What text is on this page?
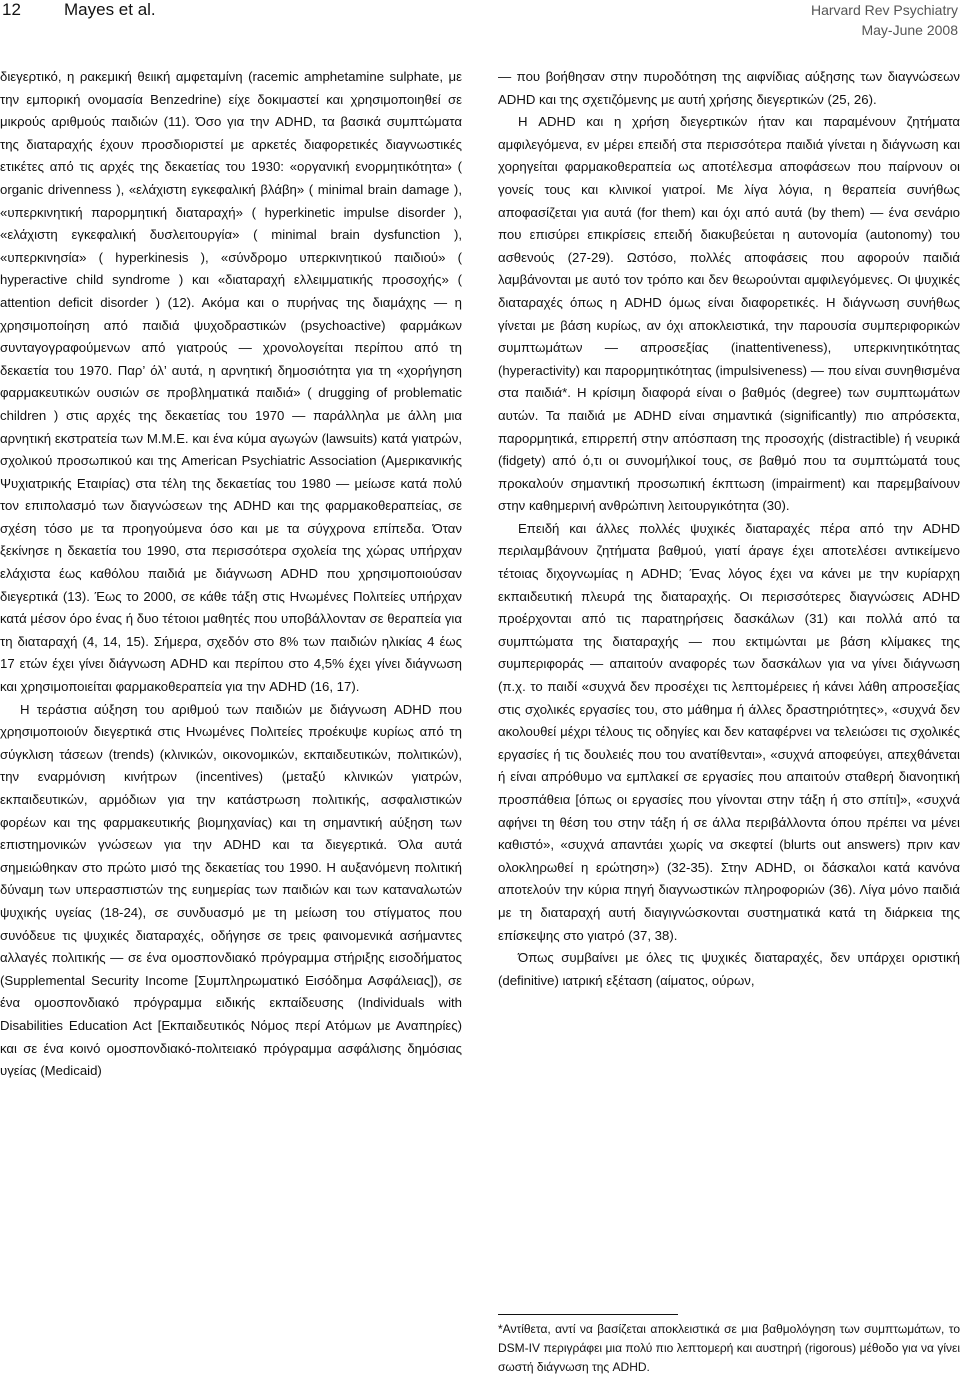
12	Mayes et al.	Harvard Rev Psychiatry
May-June 2008

διεγερτικό, η ρακεμική θειική αμφεταμίνη (racemic amphetamine sulphate, με την εμπορική ονομασία Benzedrine) είχε δοκιμαστεί και χρησιμοποιηθεί σε μικρούς αριθμούς παιδιών (11). Όσο για την ADHD, τα βασικά συμπτώματα της διαταραχής έχουν προσδιοριστεί με αρκετές διαφορετικές διαγνωστικές ετικέτες από τις αρχές της δεκαετίας του 1930: «οργανική ενορμητικότητα» ( organic drivenness ), «ελάχιστη εγκεφαλική βλάβη» ( minimal brain damage ), «υπερκινητική παρορμητική διαταραχή» ( hyperkinetic impulse disorder ), «ελάχιστη εγκεφαλική δυσλειτουργία» ( minimal brain dysfunction ), «υπερκινησία» ( hyperkinesis ), «σύνδρομο υπερκινητικού παιδιού» ( hyperactive child syndrome ) και «διαταραχή ελλειμματικής προσοχής» ( attention deficit disorder ) (12). Ακόμα και ο πυρήνας της διαμάχης — η χρησιμοποίηση από παιδιά ψυχοδραστικών (psychoactive) φαρμάκων συνταγογραφούμενων από γιατρούς — χρονολογείται περίπου από τη δεκαετία του 1970. Παρ’ όλ’ αυτά, η αρνητική δημοσιότητα για τη «χορήγηση φαρμακευτικών ουσιών σε προβληματικά παιδιά» ( drugging of problematic children ) στις αρχές της δεκαετίας του 1970 — παράλληλα με άλλη μια αρνητική εκστρατεία των Μ.Μ.Ε. και ένα κύμα αγωγών (lawsuits) κατά γιατρών, σχολικού προσωπικού και της American Psychiatric Association (Αμερικανικής Ψυχιατρικής Εταιρίας) στα τέλη της δεκαετίας του 1980 — μείωσε κατά πολύ τον επιπολασμό των διαγνώσεων της ADHD και της φαρμακοθεραπείας, σε σχέση τόσο με τα προηγούμενα όσο και με τα σύγχρονα επίπεδα. Όταν ξεκίνησε η δεκαετία του 1990, στα περισσότερα σχολεία της χώρας υπήρχαν ελάχιστα έως καθόλου παιδιά με διάγνωση ADHD που χρησιμοποιούσαν διεγερτικά (13). Έως το 2000, σε κάθε τάξη στις Ηνωμένες Πολιτείες υπήρχαν κατά μέσον όρο ένας ή δυο τέτοιοι μαθητές που υποβάλλονταν σε θεραπεία για τη διαταραχή (4, 14, 15). Σήμερα, σχεδόν στο 8% των παιδιών ηλικίας 4 έως 17 ετών έχει γίνει διάγνωση ADHD και περίπου στο 4,5% έχει γίνει διάγνωση και χρησιμοποιείται φαρμακοθεραπεία για την ADHD (16, 17).

Η τεράστια αύξηση του αριθμού των παιδιών με διάγνωση ADHD που χρησιμοποιούν διεγερτικά στις Ηνωμένες Πολιτείες προέκυψε κυρίως από τη σύγκλιση τάσεων (trends) (κλινικών, οικονομικών, εκπαιδευτικών, πολιτικών), την εναρμόνιση κινήτρων (incentives) (μεταξύ κλινικών γιατρών, εκπαιδευτικών, αρμόδιων για την κατάστρωση πολιτικής, ασφαλιστικών φορέων και της φαρμακευτικής βιομηχανίας) και τη σημαντική αύξηση των επιστημονικών γνώσεων για την ADHD και τα διεγερτικά. Όλα αυτά σημειώθηκαν στο πρώτο μισό της δεκαετίας του 1990. Η αυξανόμενη πολιτική δύναμη των υπερασπιστών της ευημερίας των παιδιών και των καταναλωτών ψυχικής υγείας (18-24), σε συνδυασμό με τη μείωση του στίγματος που συνόδευε τις ψυχικές διαταραχές, οδήγησε σε τρεις φαινομενικά ασήμαντες αλλαγές πολιτικής — σε ένα ομοσπονδιακό πρόγραμμα στήριξης εισοδήματος (Supplemental Security Income [Συμπληρωματικό Εισόδημα Ασφάλειας]), σε ένα ομοσπονδιακό πρόγραμμα ειδικής εκπαίδευσης (Individuals with Disabilities Education Act [Εκπαιδευτικός Νόμος περί Ατόμων με Αναπηρίες) και σε ένα κοινό ομοσπονδιακό-πολιτειακό πρόγραμμα ασφάλισης δημόσιας υγείας (Medicaid)

— που βοήθησαν στην πυροδότηση της αιφνίδιας αύξησης των διαγνώσεων ADHD και της σχετιζόμενης με αυτή χρήσης διεγερτικών (25, 26).

Η ADHD και η χρήση διεγερτικών ήταν και παραμένουν ζητήματα αμφιλεγόμενα, εν μέρει επειδή στα περισσότερα παιδιά γίνεται η διάγνωση και χορηγείται φαρμακοθεραπεία ως αποτέλεσμα αποφάσεων που παίρνουν οι γονείς τους και κλινικοί γιατροί. Με λίγα λόγια, η θεραπεία συνήθως αποφασίζεται για αυτά (for them) και όχι από αυτά (by them) — ένα σενάριο που επισύρει επικρίσεις επειδή διακυβεύεται η αυτονομία (autonomy) του ασθενούς (27-29). Ωστόσο, πολλές αποφάσεις που αφορούν παιδιά λαμβάνονται με αυτό τον τρόπο και δεν θεωρούνται αμφιλεγόμενες. Οι ψυχικές διαταραχές όπως η ADHD όμως είναι διαφορετικές. Η διάγνωση συνήθως γίνεται με βάση κυρίως, αν όχι αποκλειστικά, την παρουσία συμπεριφορικών συμπτωμάτων — απροσεξίας (inattentiveness), υπερκινητικότητας (hyperactivity) και παρορμητικότητας (impulsiveness) — που είναι συνηθισμένα στα παιδιά*. Η κρίσιμη διαφορά είναι ο βαθμός (degree) των συμπτωμάτων αυτών. Τα παιδιά με ADHD είναι σημαντικά (significantly) πιο απρόσεκτα, παρορμητικά, επιρρεπή στην απόσπαση της προσοχής (distractible) ή νευρικά (fidgety) από ό,τι οι συνομήλικοί τους, σε βαθμό που τα συμπτώματά τους προκαλούν σημαντική προσωπική έκπτωση (impairment) και παρεμβαίνουν στην καθημερινή ανθρώπινη λειτουργικότητα (30).

Επειδή και άλλες πολλές ψυχικές διαταραχές πέρα από την ADHD περιλαμβάνουν ζητήματα βαθμού, γιατί άραγε έχει αποτελέσει αντικείμενο τέτοιας διχογνωμίας η ADHD; Ένας λόγος έχει να κάνει με την κυρίαρχη εκπαιδευτική πλευρά της διαταραχής. Οι περισσότερες διαγνώσεις ADHD προέρχονται από τις παρατηρήσεις δασκάλων (31) και πολλά από τα συμπτώματα της διαταραχής — που εκτιμώνται με βάση κλίμακες της συμπεριφοράς — απαιτούν αναφορές των δασκάλων για να γίνει διάγνωση (π.χ. το παιδί «συχνά δεν προσέχει τις λεπτομέρειες ή κάνει λάθη απροσεξίας στις σχολικές εργασίες του, στο μάθημα ή άλλες δραστηριότητες», «συχνά δεν ακολουθεί μέχρι τέλους τις οδηγίες και δεν καταφέρνει να τελειώσει τις σχολικές εργασίες ή τις δουλειές που του ανατίθενται», «συχνά αποφεύγει, απεχθάνεται ή είναι απρόθυμο να εμπλακεί σε εργασίες που απαιτούν σταθερή διανοητική προσπάθεια [όπως οι εργασίες που γίνονται στην τάξη ή στο σπίτι]», «συχνά αφήνει τη θέση του στην τάξη ή σε άλλα περιβάλλοντα όπου πρέπει να μένει καθιστό», «συχνά απαντάει χωρίς να σκεφτεί (blurts out answers) πριν καν ολοκληρωθεί η ερώτηση») (32-35). Στην ADHD, οι δάσκαλοι κατά κανόνα αποτελούν την κύρια πηγή διαγνωστικών πληροφοριών (36). Λίγα μόνο παιδιά με τη διαταραχή αυτή διαγιγνώσκονται συστηματικά κατά τη διάρκεια της επίσκεψης στο γιατρό (37, 38).

Όπως συμβαίνει με όλες τις ψυχικές διαταραχές, δεν υπάρχει οριστική (definitive) ιατρική εξέταση (αίματος, ούρων,

*Αντίθετα, αντί να βασίζεται αποκλειστικά σε μια βαθμολόγηση των συμπτωμάτων, το DSM-IV περιγράφει μια πολύ πιο λεπτομερή και αυστηρή (rigorous) μέθοδο για να γίνει σωστή διάγνωση της ADHD.
